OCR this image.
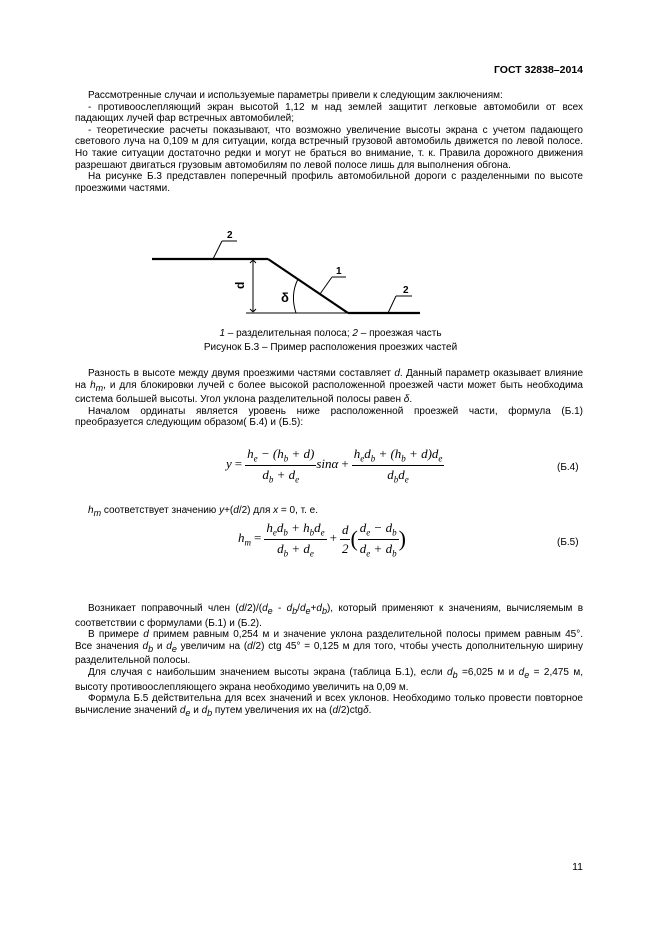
ГОСТ 32838–2014

Рассмотренные случаи и используемые параметры привели к следующим заключениям:

- противоослепляющий экран высотой 1,12 м над землей защитит легковые автомобили от всех падающих лучей фар встречных автомобилей;

- теоретические расчеты показывают, что возможно увеличение высоты экрана с учетом падающего светового луча на 0,109 м для ситуации, когда встречный грузовой автомобиль движется по левой полосе. Но такие ситуации достаточно редки и могут не браться во внимание, т. к. Правила дорожного движения разрешают двигаться грузовым автомобилям по левой полосе лишь для выполнения обгона.

На рисунке Б.3 представлен поперечный профиль автомобильной дороги с разделенными по высоте проезжими частями.

2
1
2
d
δ
1 – разделительная полоса; 2 – проезжая часть
Рисунок Б.3 – Пример расположения проезжих частей

Разность в высоте между двумя проезжими частями составляет d. Данный параметр оказывает влияние на $h_m$, и для блокировки лучей с более высокой расположенной проезжей части может быть необходима система большей высоты. Угол уклона разделительной полосы равен δ.

Началом ординаты является уровень ниже расположенной проезжей части, формула (Б.1) преобразуется следующим образом( Б.4) и (Б.5):

$y = \frac{h_e - (h_b + d)}{d_b + d_e}$ $\sin\alpha + \frac{h_ed_b + (h_b + d)d_e}{d_bd_e}$	(Б.4)

$h_m$ соответствует значению y+(d/2) для x = 0, т. е.

$h_m = \frac{h_ed_b + h_bd_e}{d_b + d_e} + \frac{d}{2}$ ( $\frac{d_e - d_b}{d_e + d_b}$ )	(Б.5)

Возникает поправочный член $(d/2)/(d_e - d_b/d_e+d_b)$, который применяют к значениям, вычисляемым в соответствии с формулами (Б.1) и (Б.2).

В примере d примем равным 0,254 м и значение уклона разделительной полосы примем равным 45°. Все значения $d_b$ и $d_e$ увеличим на (d/2) ctg 45° = 0,125 м для того, чтобы учесть дополнительную ширину разделительной полосы.

Для случая с наибольшим значением высоты экрана (таблица Б.1), если $d_b =6,025$ м и $d_e = 2,475$ м, высоту противоослепляющего экрана необходимо увеличить на 0,09 м.

Формула Б.5 действительна для всех значений и всех уклонов. Необходимо только провести повторное вычисление значений $d_e$ и $d_b$ путем увеличения их на (d/2)ctgδ.

11
